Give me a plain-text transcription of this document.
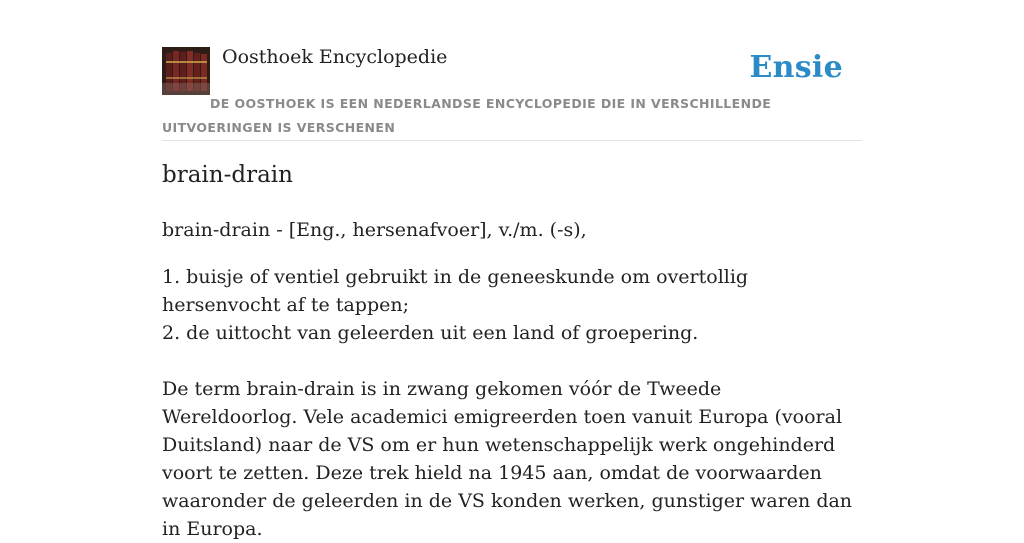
Oosthoek Encyclopedie	Ensie
DE OOSTHOEK IS EEN NEDERLANDSE ENCYCLOPEDIE DIE IN VERSCHILLENDE UITVOERINGEN IS VERSCHENEN
brain-drain

brain-drain - [Eng., hersenafvoer], v./m. (-s),

1. buisje of ventiel gebruikt in de geneeskunde om overtollig hersenvocht af te tappen;

2. de uittocht van geleerden uit een land of groepering.

De term brain-drain is in zwang gekomen vóór de Tweede Wereldoorlog. Vele academici emigreerden toen vanuit Europa (vooral Duitsland) naar de VS om er hun wetenschappelijk werk ongehinderd voort te zetten. Deze trek hield na 1945 aan, omdat de voorwaarden waaronder de geleerden in de VS konden werken, gunstiger waren dan in Europa.
